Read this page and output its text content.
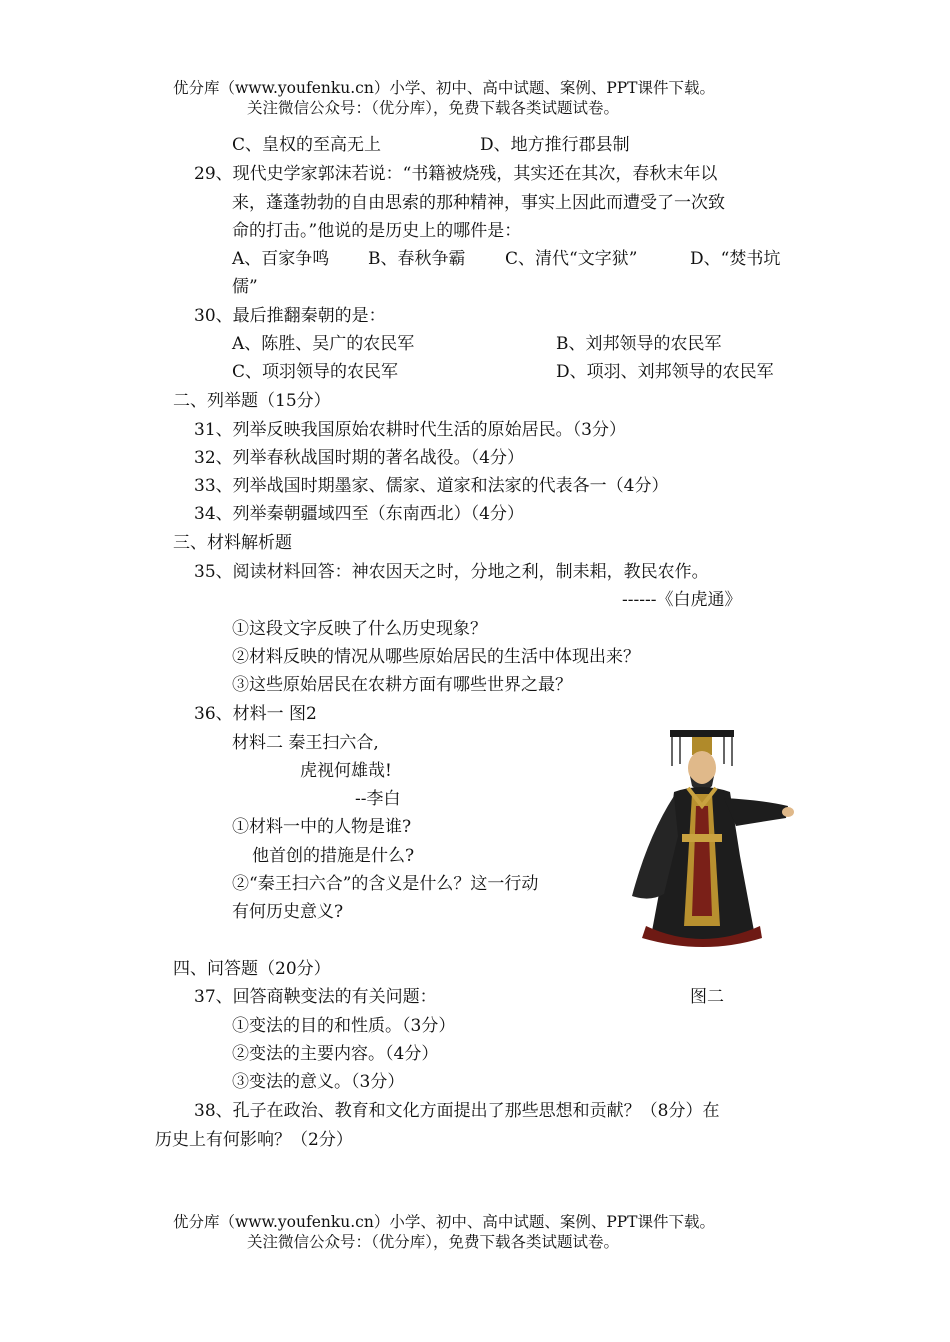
优分库（www.youfenku.cn）小学、初中、高中试题、案例、PPT课件下载。
关注微信公众号：（优分库），免费下载各类试题试卷。
C、皇权的至高无上	D、地方推行郡县制
29、现代史学家郭沫若说：“书籍被烧残，其实还在其次，春秋末年以
来，蓬蓬勃勃的自由思索的那种精神，事实上因此而遭受了一次致
命的打击。”他说的是历史上的哪件是：
A、百家争鸣 B、春秋争霸 C、清代“文字狱”	D、“焚书坑
儒”
30、最后推翻秦朝的是：
A、陈胜、吴广的农民军	B、刘邦领导的农民军
C、项羽领导的农民军	D、项羽、刘邦领导的农民军
二、列举题（15分）
31、列举反映我国原始农耕时代生活的原始居民。（3分）
32、列举春秋战国时期的著名战役。（4分）
33、列举战国时期墨家、儒家、道家和法家的代表各一（4分）
34、列举秦朝疆域四至（东南西北）（4分）
三、材料解析题
35、阅读材料回答：神农因天之时，分地之利，制耒耜，教民农作。
------《白虎通》
①这段文字反映了什么历史现象？
②材料反映的情况从哪些原始居民的生活中体现出来？
③这些原始居民在农耕方面有哪些世界之最？
36、材料一 图2
材料二 秦王扫六合,
虎视何雄哉!
--李白
①材料一中的人物是谁?
他首创的措施是什么?
②“秦王扫六合”的含义是什么？这一行动
有何历史意义?
四、问答题（20分）
37、回答商鞅变法的有关问题：	图二
①变法的目的和性质。（3分）
②变法的主要内容。（4分）
③变法的意义。（3分）
38、孔子在政治、教育和文化方面提出了那些思想和贡献？（8分）在
历史上有何影响？（2分）
优分库（www.youfenku.cn）小学、初中、高中试题、案例、PPT课件下载。
关注微信公众号：（优分库），免费下载各类试题试卷。
